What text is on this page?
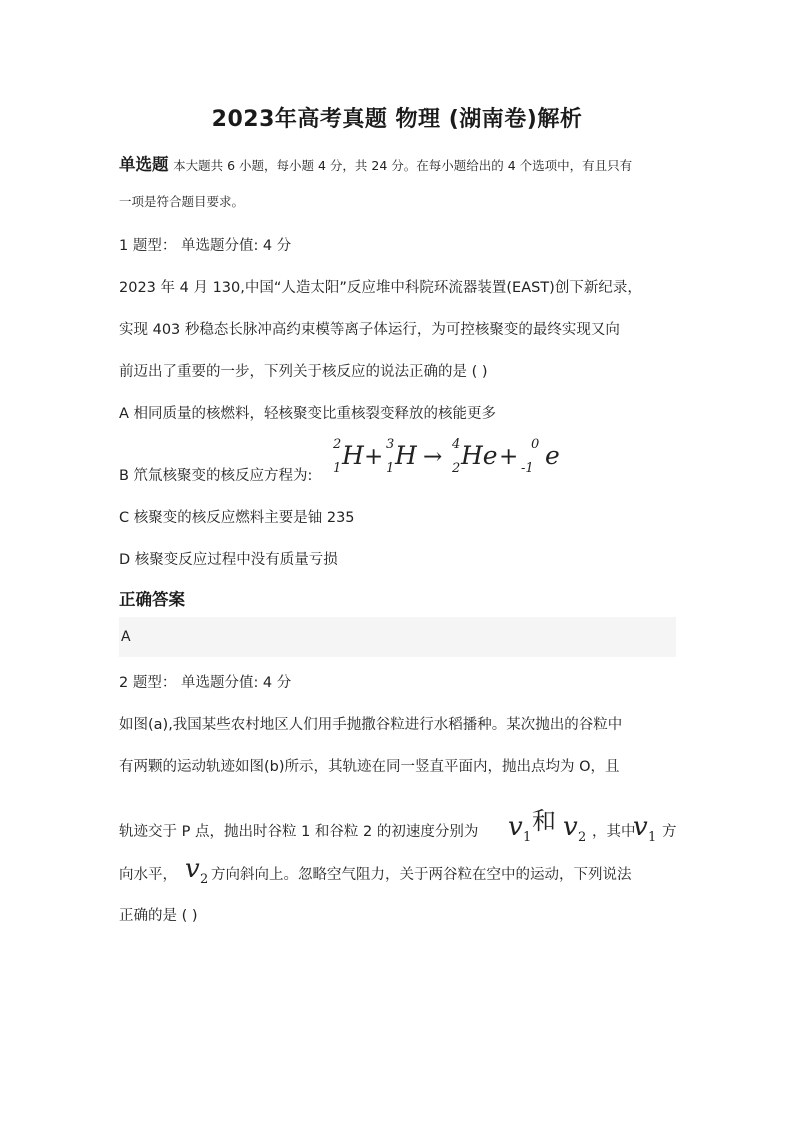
2023年高考真题 物理 (湖南卷)解析
单选题 本大题共 6 小题，每小题 4 分，共 24 分。在每小题给出的 4 个选项中，有且只有
一项是符合题目要求。
1 题型： 单选题分值: 4 分
2023 年 4 月 130,中国“人造太阳”反应堆中科院环流器装置(EAST)创下新纪录，
实现 403 秒稳态长脉冲高约束模等离子体运行，为可控核聚变的最终实现又向
前迈出了重要的一步，下列关于核反应的说法正确的是 ( )
A 相同质量的核燃料，轻核聚变比重核裂变释放的核能更多
B 笊氚核聚变的核反应方程为:
2
1 H + 3
1 H → 4
2 He + 0
-1 e
C 核聚变的核反应燃料主要是铀 235
D 核聚变反应过程中没有质量亏损
正确答案
A
2 题型： 单选题分值: 4 分
如图(a),我国某些农村地区人们用手抛撒谷粒进行水稻播种。某次抛出的谷粒中
有两颗的运动轨迹如图(b)所示，其轨迹在同一竖直平面内，抛出点均为 O，且
轨迹交于 P 点，抛出时谷粒 1 和谷粒 2 的初速度分别为 v 1
和 v 2 ，其中
v 1 方
向水平， v 2 方向斜向上。忽略空气阻力，关于两谷粒在空中的运动，下列说法
正确的是 ( )
